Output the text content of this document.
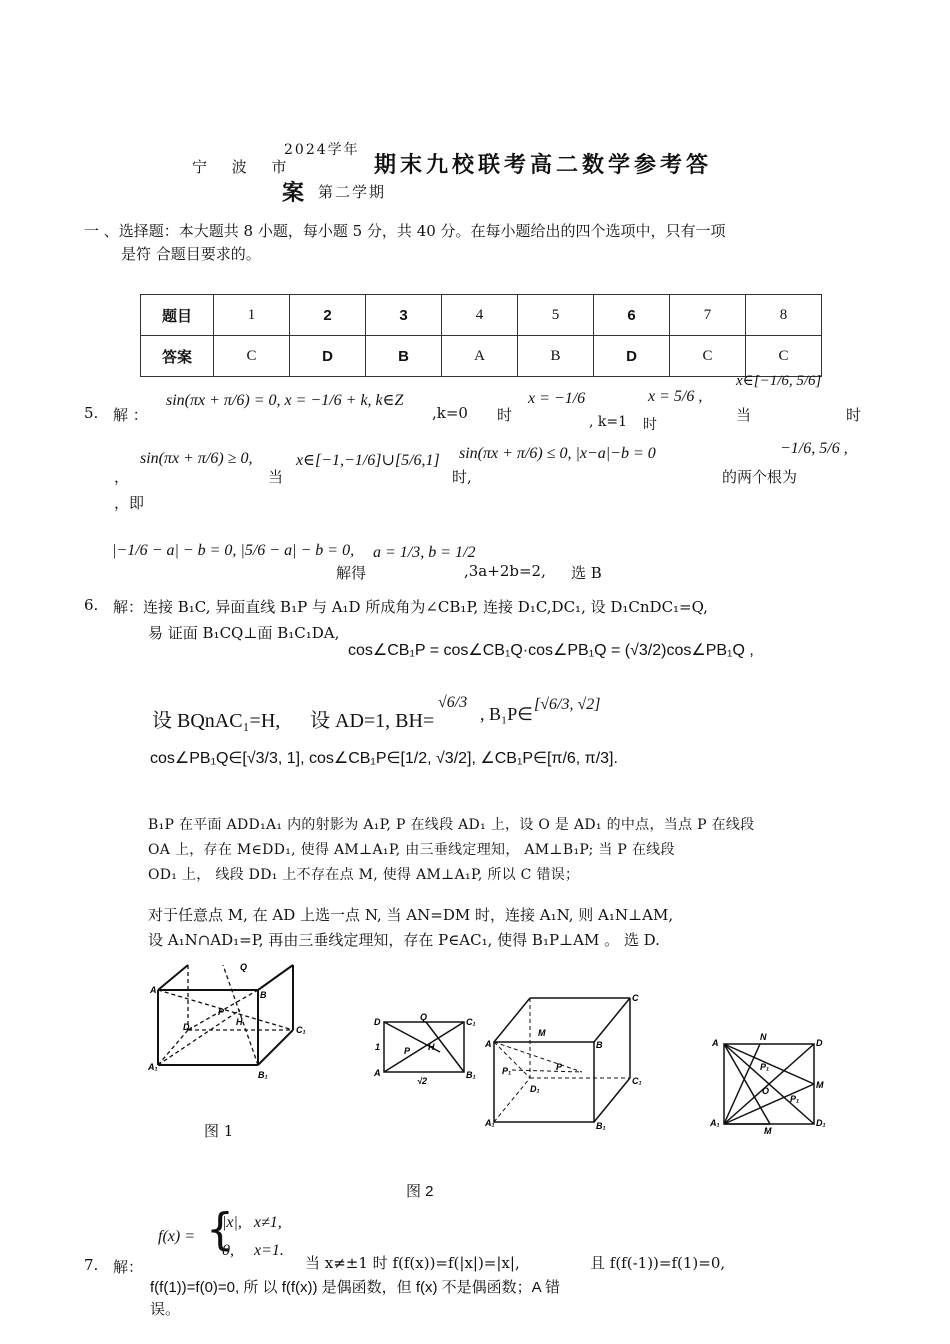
宁 波 市
2024学年
期末九校联考高二数学参考答
案 第二学期
一 、选择题：本大题共 8 小题，每小题 5 分，共 40 分。在每小题给出的四个选项中，只有一项
是符 合题目要求的。
题目	1	2	3	4	5	6	7	8
答案	C	D	B	A	B	D	C	C
x∈[−1/6, 5/6]
5. 解 ：
sin(πx + π/6) = 0, x = −1/6 + k, k∈Z
,k=0 时
x = −1/6
, k=1 时
x = 5/6 ,
当	时
，
sin(πx + π/6) ≥ 0,
当
x∈[−1,−1/6]∪[5/6,1]
时,
sin(πx + π/6) ≤ 0, |x−a|−b = 0	−1/6, 5/6 ,
的两个根为
，即
|−1/6 − a| − b = 0, |5/6 − a| − b = 0,
解得
a = 1/3, b = 1/2
,3a+2b=2, 选 B
6. 解：连接 B₁C, 异面直线 B₁P 与 A₁D 所成角为∠CB₁P, 连接 D₁C,DC₁, 设 D₁CnDC₁=Q,
易 证面 B₁CQ⊥面 B₁C₁DA,
cos∠CB₁P = cos∠CB₁Q·cos∠PB₁Q = (√3/2)cos∠PB₁Q ,
设 BQnAC₁=H, 设 AD=1, BH=
√6/3
, B₁P∈ [√6/3, √2]
cos∠PB₁Q∈[√3/3, 1], cos∠CB₁P∈[1/2, √3/2], ∠CB₁P∈[π/6, π/3].
B₁P 在平面 ADD₁A₁ 内的射影为 A₁P, P 在线段 AD₁ 上，设 O 是 AD₁ 的中点，当点 P 在线段
OA 上，存在 M∈DD₁, 使得 AM⊥A₁P, 由三垂线定理知， AM⊥B₁P; 当 P 在线段
OD₁ 上， 线段 DD₁ 上不存在点 M, 使得 AM⊥A₁P, 所以 C 错误；
对于任意点 M, 在 AD 上选一点 N, 当 AN=DM 时，连接 A₁N, 则 A₁N⊥AM,
设 A₁N∩AD₁=P, 再由三垂线定理知，存在 P∈AC₁, 使得 B₁P⊥AM 。 选 D.
A
Q
B
D₁
P
H
C₁
A₁
B₁
D	Q	C₁
1	P H
A
√2
B₁
C
M
A	B
P₁	P
D₁
C₁
A₁	B₁
N
A	D
P₁
O
M
P₁
A₁
M
D₁
图 1
图 2
f(x) = {
|x|,   x≠1,
0,     x=1.
7. 解：	当 x≠±1 时 f(f(x))=f(|x|)=|x|,	且 f(f(-1))=f(1)=0,
f(f(1))=f(0)=0, 所 以 f(f(x)) 是偶函数，但 f(x) 不是偶函数；A 错
误。
